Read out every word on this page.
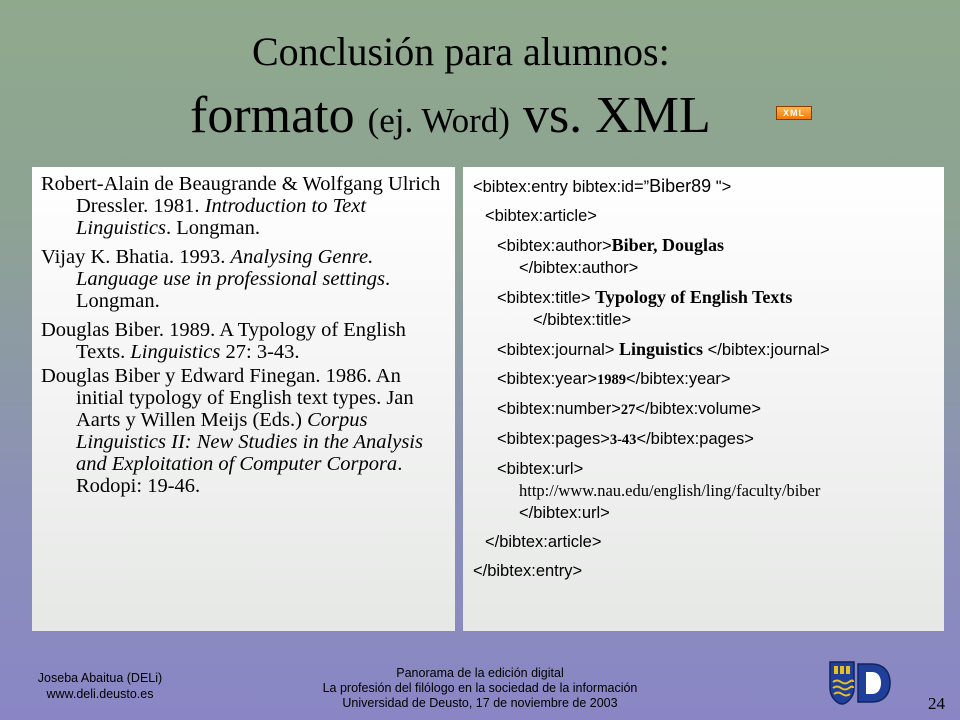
Conclusión para alumnos:
formato (ej. Word) vs. XML	XML
Robert-Alain de Beaugrande & Wolfgang Ulrich Dressler. 1981. Introduction to Text Linguistics. Longman.
Vijay K. Bhatia. 1993. Analysing Genre. Language use in professional settings. Longman.
Douglas Biber. 1989. A Typology of English Texts. Linguistics 27: 3-43.
Douglas Biber y Edward Finegan. 1986. An initial typology of English text types. Jan Aarts y Willen Meijs (Eds.) Corpus Linguistics II: New Studies in the Analysis and Exploitation of Computer Corpora. Rodopi: 19-46.
<bibtex:entry bibtex:id=”Biber89 ">
<bibtex:article>
<bibtex:author>Biber, Douglas
</bibtex:author>
<bibtex:title> Typology of English Texts
</bibtex:title>
<bibtex:journal> Linguistics </bibtex:journal>
<bibtex:year>1989</bibtex:year>
<bibtex:number>27</bibtex:volume>
<bibtex:pages>3-43</bibtex:pages>
<bibtex:url>
http://www.nau.edu/english/ling/faculty/biber
</bibtex:url>
</bibtex:article>
</bibtex:entry>
Joseba Abaitua (DELi)
www.deli.deusto.es
Panorama de la edición digital
La profesión del filólogo en la sociedad de la información
Universidad de Deusto, 17 de noviembre de 2003	24
